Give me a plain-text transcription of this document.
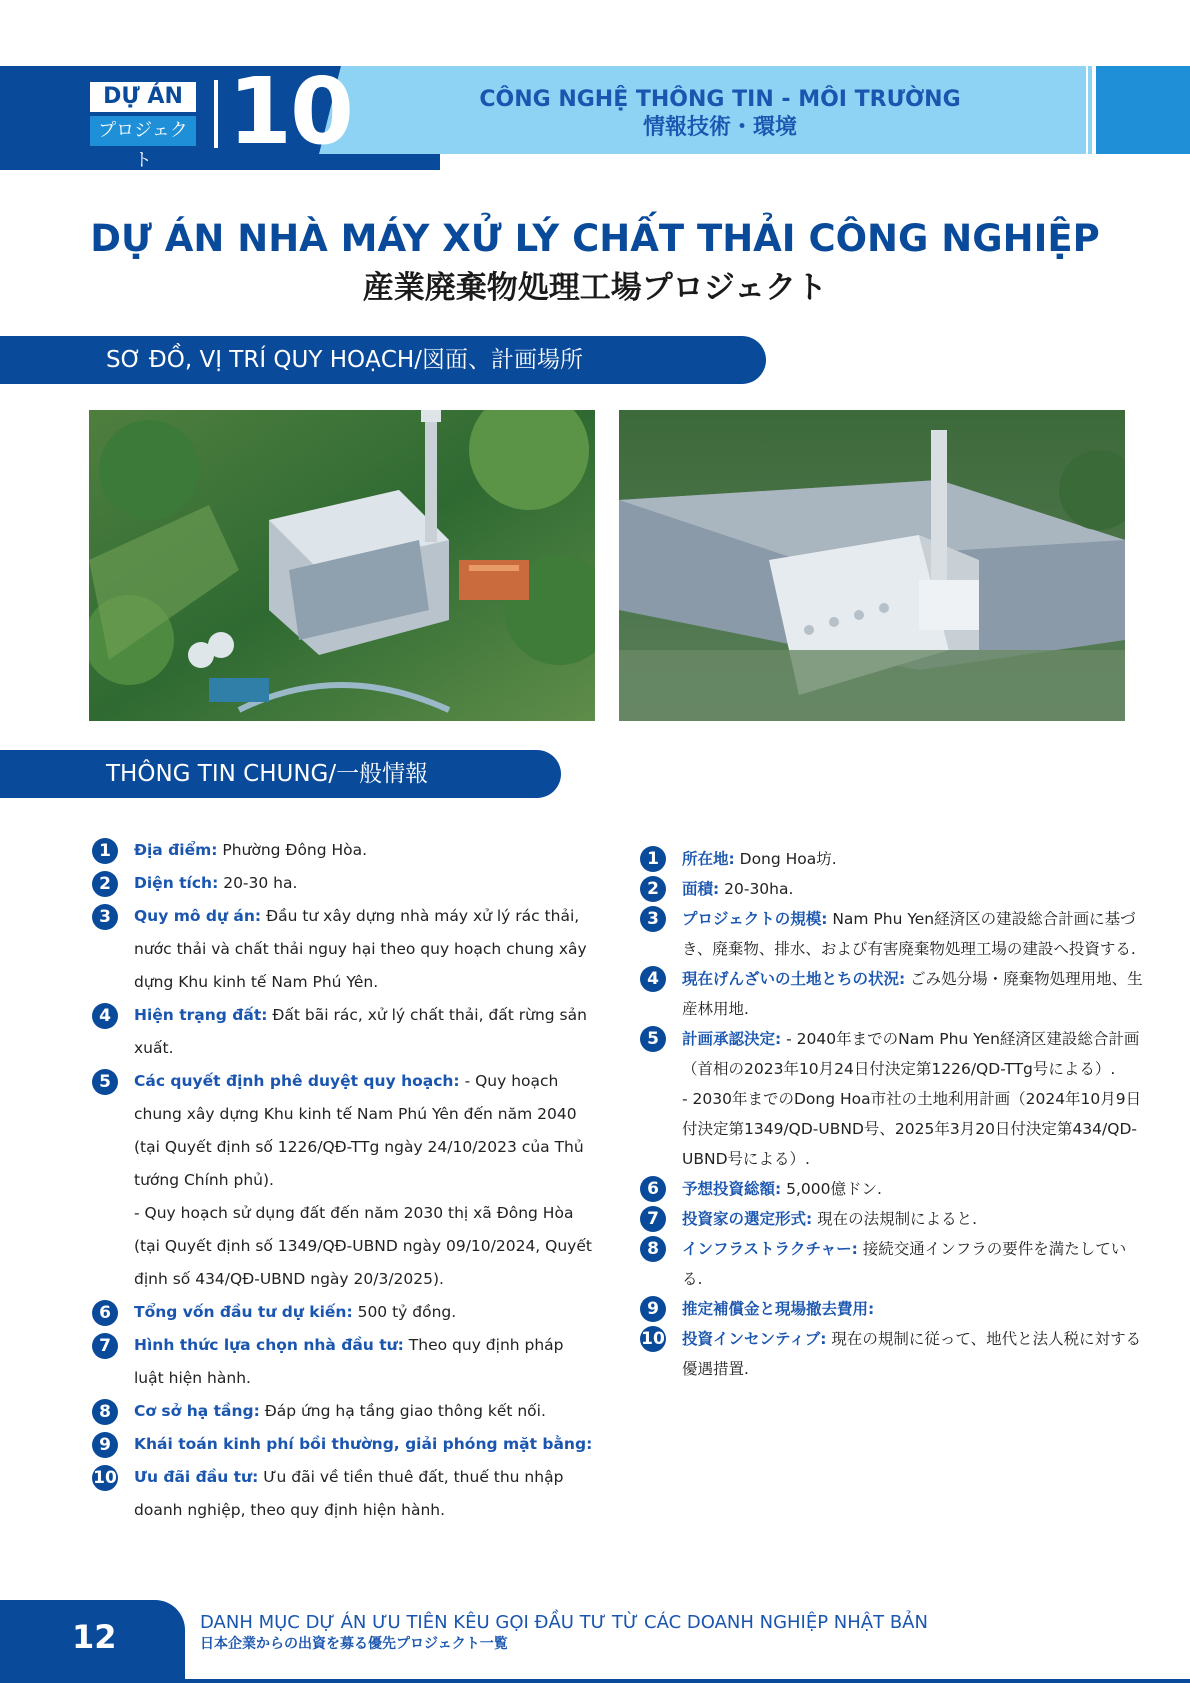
DỰ ÁN
プロジェクト 10	CÔNG NGHỆ THÔNG TIN - MÔI TRƯỜNG
情報技術・環境
DỰ ÁN NHÀ MÁY XỬ LÝ CHẤT THẢI CÔNG NGHIỆP
産業廃棄物処理工場プロジェクト
SƠ ĐỒ, VỊ TRÍ QUY HOẠCH/図面、計画場所
THÔNG TIN CHUNG/一般情報
1	Địa điểm: Phường Đông Hòa.
2	Diện tích: 20-30 ha.
3	Quy mô dự án: Đầu tư xây dựng nhà máy xử lý rác thải, nước thải và chất thải nguy hại theo quy hoạch chung xây dựng Khu kinh tế Nam Phú Yên.
4	Hiện trạng đất: Đất bãi rác, xử lý chất thải, đất rừng sản xuất.
5	Các quyết định phê duyệt quy hoạch: - Quy hoạch chung xây dựng Khu kinh tế Nam Phú Yên đến năm 2040 (tại Quyết định số 1226/QĐ-TTg ngày 24/10/2023 của Thủ tướng Chính phủ).
- Quy hoạch sử dụng đất đến năm 2030 thị xã Đông Hòa (tại Quyết định số 1349/QĐ-UBND ngày 09/10/2024, Quyết định số 434/QĐ-UBND ngày 20/3/2025).
6	Tổng vốn đầu tư dự kiến: 500 tỷ đồng.
7	Hình thức lựa chọn nhà đầu tư: Theo quy định pháp luật hiện hành.
8	Cơ sở hạ tầng: Đáp ứng hạ tầng giao thông kết nối.
9	Khái toán kinh phí bồi thường, giải phóng mặt bằng:
10 Ưu đãi đầu tư: Ưu đãi về tiền thuê đất, thuế thu nhập doanh nghiệp, theo quy định hiện hành.
1	所在地: Dong Hoa坊.
2	面積: 20-30ha.
3	プロジェクトの規模: Nam Phu Yen経済区の建設総合計画に基づき、廃棄物、排水、および有害廃棄物処理工場の建設へ投資する.
4	現在げんざいの土地とちの状況: ごみ処分場・廃棄物処理用地、生産林用地.
5	計画承認決定: - 2040年までのNam Phu Yen経済区建設総合計画（首相の2023年10月24日付決定第1226/QD-TTg号による）.
- 2030年までのDong Hoa市社の土地利用計画（2024年10月9日付決定第1349/QD-UBND号、2025年3月20日付決定第434/QD-UBND号による）.
6	予想投資総額: 5,000億ドン.
7	投資家の選定形式: 現在の法規制によると.
8	インフラストラクチャー: 接続交通インフラの要件を満たしている.
9	推定補償金と現場撤去費用:
10 投資インセンティブ: 現在の規制に従って、地代と法人税に対する優遇措置.
12	DANH MỤC DỰ ÁN ƯU TIÊN KÊU GỌI ĐẦU TƯ TỪ CÁC DOANH NGHIỆP NHẬT BẢN
日本企業からの出資を募る優先プロジェクト一覧
